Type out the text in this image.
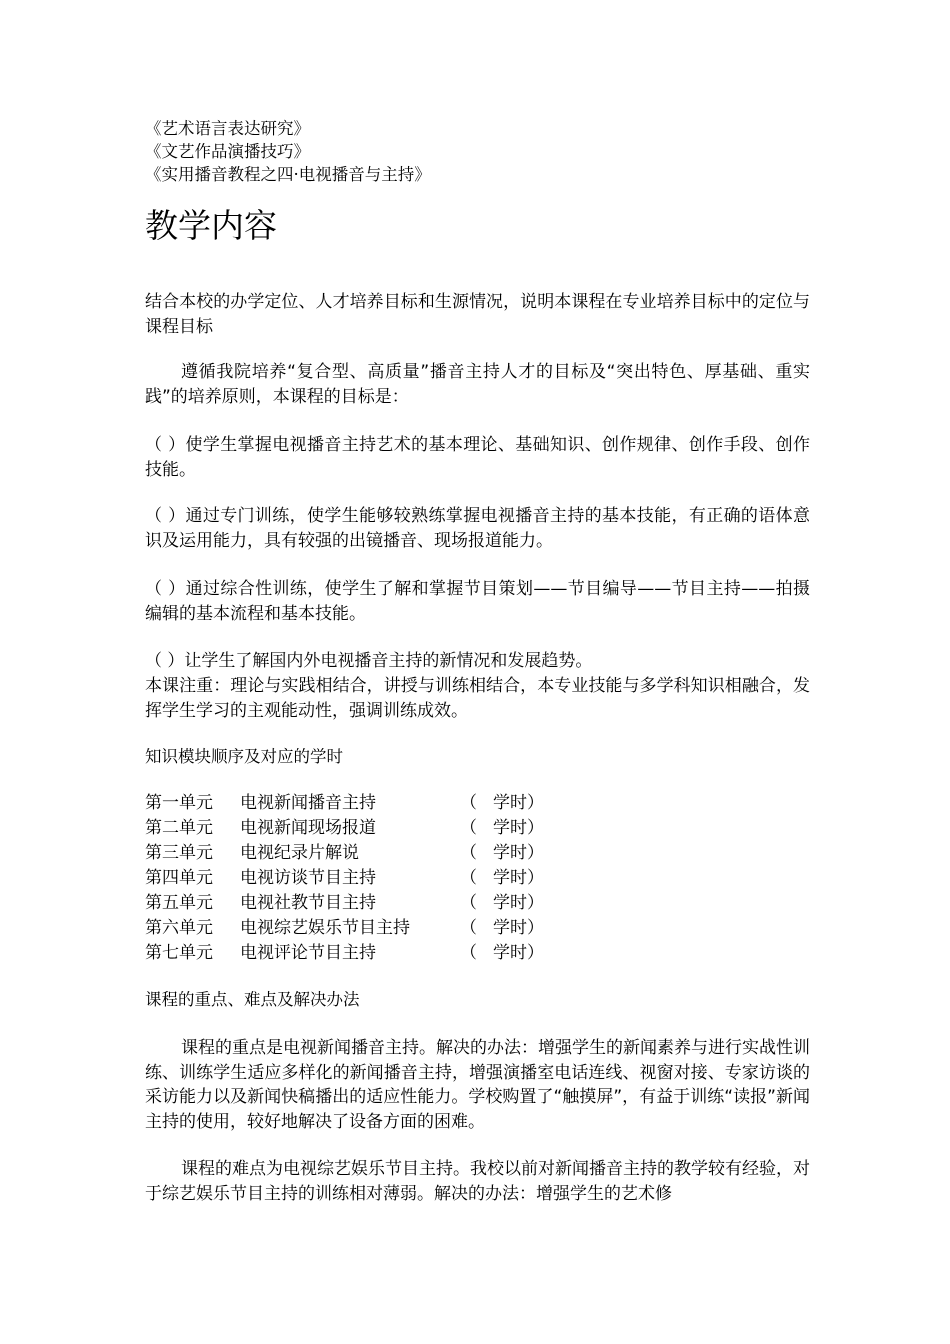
《艺术语言表达研究》
《文艺作品演播技巧》
《实用播音教程之四·电视播音与主持》
教学内容
结合本校的办学定位、人才培养目标和生源情况，说明本课程在专业培养目标中的定位与课程目标
遵循我院培养“复合型、高质量”播音主持人才的目标及“突出特色、厚基础、重实践”的培养原则，本课程的目标是：
（ ）使学生掌握电视播音主持艺术的基本理论、基础知识、创作规律、创作手段、创作技能。
（ ）通过专门训练，使学生能够较熟练掌握电视播音主持的基本技能，有正确的语体意识及运用能力，具有较强的出镜播音、现场报道能力。
（ ）通过综合性训练，使学生了解和掌握节目策划——节目编导——节目主持——拍摄编辑的基本流程和基本技能。
（ ）让学生了解国内外电视播音主持的新情况和发展趋势。
本课注重：理论与实践相结合，讲授与训练相结合，本专业技能与多学科知识相融合，发挥学生学习的主观能动性，强调训练成效。
知识模块顺序及对应的学时
第一单元 电视新闻播音主持	（ 学时）
第二单元 电视新闻现场报道	（ 学时）
第三单元 电视纪录片解说	（ 学时）
第四单元 电视访谈节目主持	（ 学时）
第五单元 电视社教节目主持	（ 学时）
第六单元 电视综艺娱乐节目主持	（ 学时）
第七单元 电视评论节目主持	（ 学时）
课程的重点、难点及解决办法
课程的重点是电视新闻播音主持。解决的办法：增强学生的新闻素养与进行实战性训练、训练学生适应多样化的新闻播音主持，增强演播室电话连线、视窗对接、专家访谈的采访能力以及新闻快稿播出的适应性能力。学校购置了“触摸屏”，有益于训练“读报”新闻主持的使用，较好地解决了设备方面的困难。
课程的难点为电视综艺娱乐节目主持。我校以前对新闻播音主持的教学较有经验，对于综艺娱乐节目主持的训练相对薄弱。解决的办法：增强学生的艺术修
